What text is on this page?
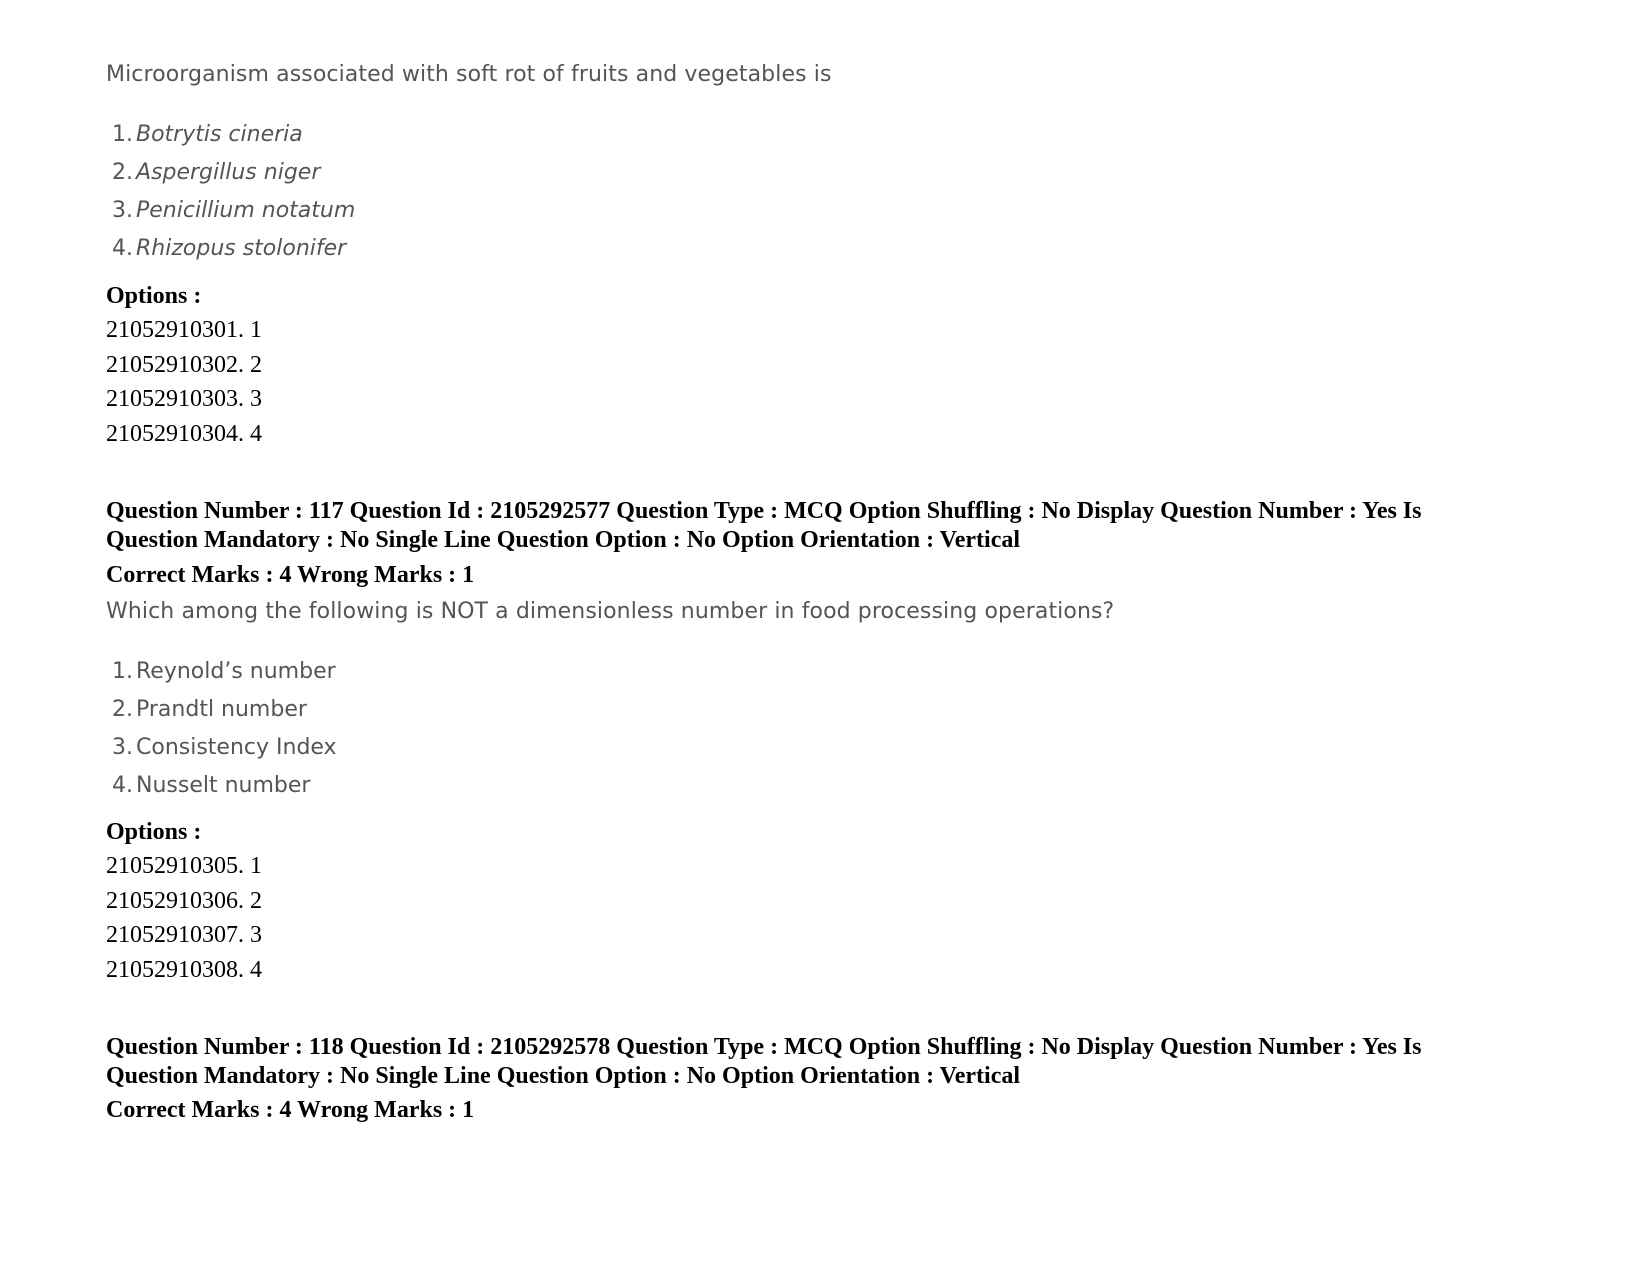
Microorganism associated with soft rot of fruits and vegetables is
1. Botrytis cineria
2. Aspergillus niger
3. Penicillium notatum
4. Rhizopus stolonifer
Options :
21052910301. 1
21052910302. 2
21052910303. 3
21052910304. 4
Question Number : 117 Question Id : 2105292577 Question Type : MCQ Option Shuffling : No Display Question Number : Yes Is
Question Mandatory : No Single Line Question Option : No Option Orientation : Vertical
Correct Marks : 4 Wrong Marks : 1
Which among the following is NOT a dimensionless number in food processing operations?
1. Reynold’s number
2. Prandtl number
3. Consistency Index
4. Nusselt number
Options :
21052910305. 1
21052910306. 2
21052910307. 3
21052910308. 4
Question Number : 118 Question Id : 2105292578 Question Type : MCQ Option Shuffling : No Display Question Number : Yes Is
Question Mandatory : No Single Line Question Option : No Option Orientation : Vertical
Correct Marks : 4 Wrong Marks : 1
